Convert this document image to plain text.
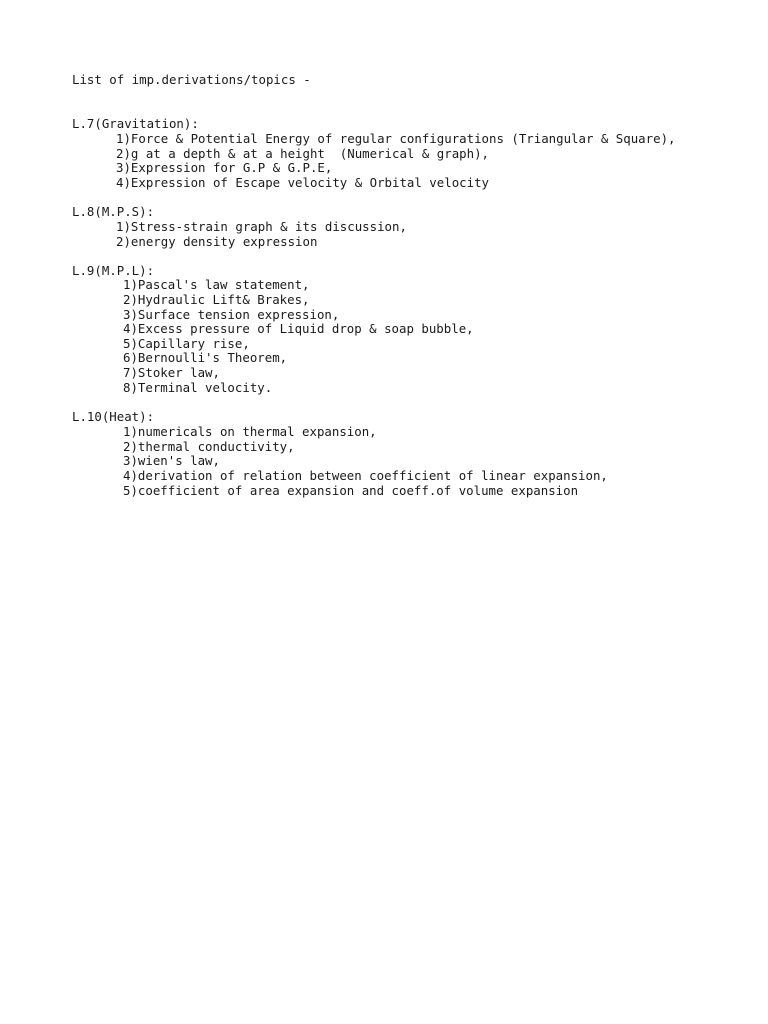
List of imp.derivations/topics -
L.7(Gravitation):
1)Force & Potential Energy of regular configurations (Triangular & Square),
2)g at a depth & at a height  (Numerical & graph),
3)Expression for G.P & G.P.E,
4)Expression of Escape velocity & Orbital velocity
L.8(M.P.S):
1)Stress-strain graph & its discussion,
2)energy density expression
L.9(M.P.L):
1)Pascal's law statement,
2)Hydraulic Lift& Brakes,
3)Surface tension expression,
4)Excess pressure of Liquid drop & soap bubble,
5)Capillary rise,
6)Bernoulli's Theorem,
7)Stoker law,
8)Terminal velocity.
L.10(Heat):
1)numericals on thermal expansion,
2)thermal conductivity,
3)wien's law,
4)derivation of relation between coefficient of linear expansion,
5)coefficient of area expansion and coeff.of volume expansion
